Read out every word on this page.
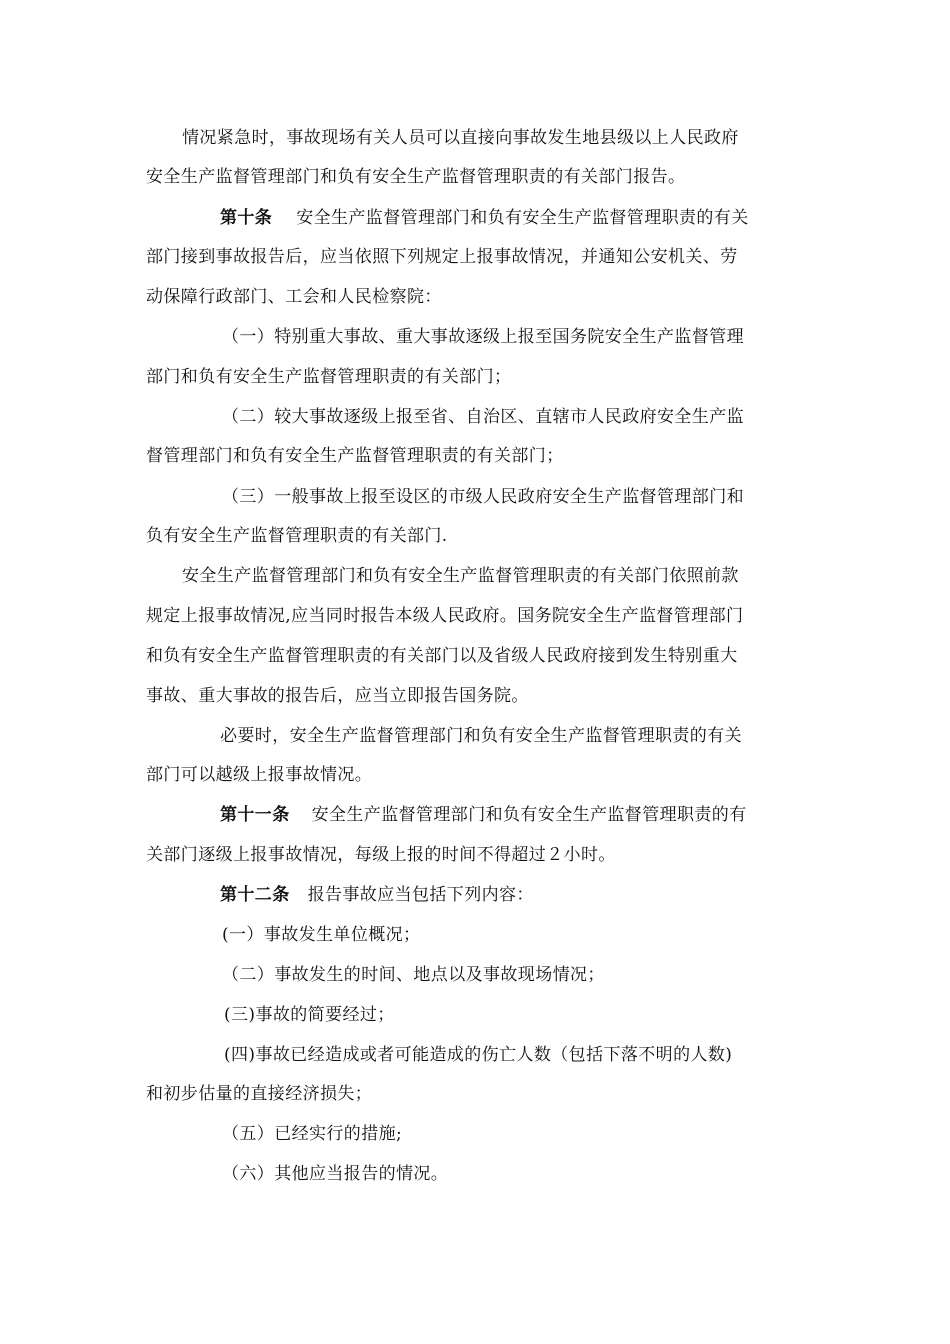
情况紧急时，事故现场有关人员可以直接向事故发生地县级以上人民政府
安全生产监督管理部门和负有安全生产监督管理职责的有关部门报告。
第十条 安全生产监督管理部门和负有安全生产监督管理职责的有关
部门接到事故报告后，应当依照下列规定上报事故情况，并通知公安机关、劳
动保障行政部门、工会和人民检察院：
（一）特别重大事故、重大事故逐级上报至国务院安全生产监督管理
部门和负有安全生产监督管理职责的有关部门；
（二）较大事故逐级上报至省、自治区、直辖市人民政府安全生产监
督管理部门和负有安全生产监督管理职责的有关部门；
（三）一般事故上报至设区的市级人民政府安全生产监督管理部门和
负有安全生产监督管理职责的有关部门.
安全生产监督管理部门和负有安全生产监督管理职责的有关部门依照前款
规定上报事故情况,应当同时报告本级人民政府。国务院安全生产监督管理部门
和负有安全生产监督管理职责的有关部门以及省级人民政府接到发生特别重大
事故、重大事故的报告后，应当立即报告国务院。
必要时，安全生产监督管理部门和负有安全生产监督管理职责的有关
部门可以越级上报事故情况。
第十一条 安全生产监督管理部门和负有安全生产监督管理职责的有
关部门逐级上报事故情况，每级上报的时间不得超过２小时。
第十二条 报告事故应当包括下列内容：
(一）事故发生单位概况；
（二）事故发生的时间、地点以及事故现场情况；
(三)事故的简要经过；
(四)事故已经造成或者可能造成的伤亡人数（包括下落不明的人数)
和初步估量的直接经济损失；
（五）已经实行的措施;
（六）其他应当报告的情况。
